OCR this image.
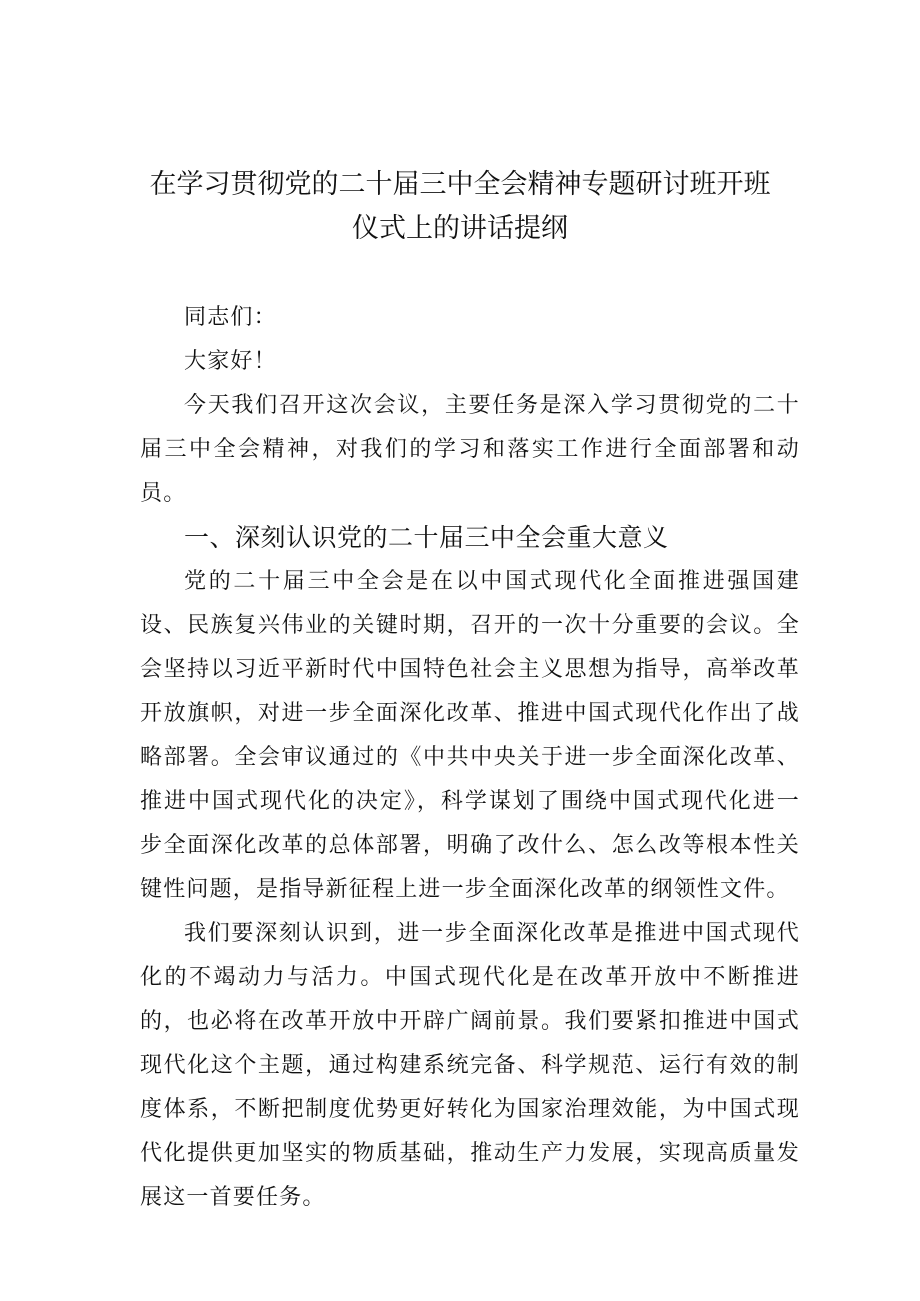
在学习贯彻党的二十届三中全会精神专题研讨班开班
仪式上的讲话提纲

同志们：

大家好！

今天我们召开这次会议，主要任务是深入学习贯彻党的二十届三中全会精神，对我们的学习和落实工作进行全面部署和动员。

一、深刻认识党的二十届三中全会重大意义

党的二十届三中全会是在以中国式现代化全面推进强国建设、民族复兴伟业的关键时期，召开的一次十分重要的会议。全会坚持以习近平新时代中国特色社会主义思想为指导，高举改革开放旗帜，对进一步全面深化改革、推进中国式现代化作出了战略部署。全会审议通过的《中共中央关于进一步全面深化改革、推进中国式现代化的决定》，科学谋划了围绕中国式现代化进一步全面深化改革的总体部署，明确了改什么、怎么改等根本性关键性问题，是指导新征程上进一步全面深化改革的纲领性文件。

我们要深刻认识到，进一步全面深化改革是推进中国式现代化的不竭动力与活力。中国式现代化是在改革开放中不断推进的，也必将在改革开放中开辟广阔前景。我们要紧扣推进中国式现代化这个主题，通过构建系统完备、科学规范、运行有效的制度体系，不断把制度优势更好转化为国家治理效能，为中国式现代化提供更加坚实的物质基础，推动生产力发展，实现高质量发展这一首要任务。
